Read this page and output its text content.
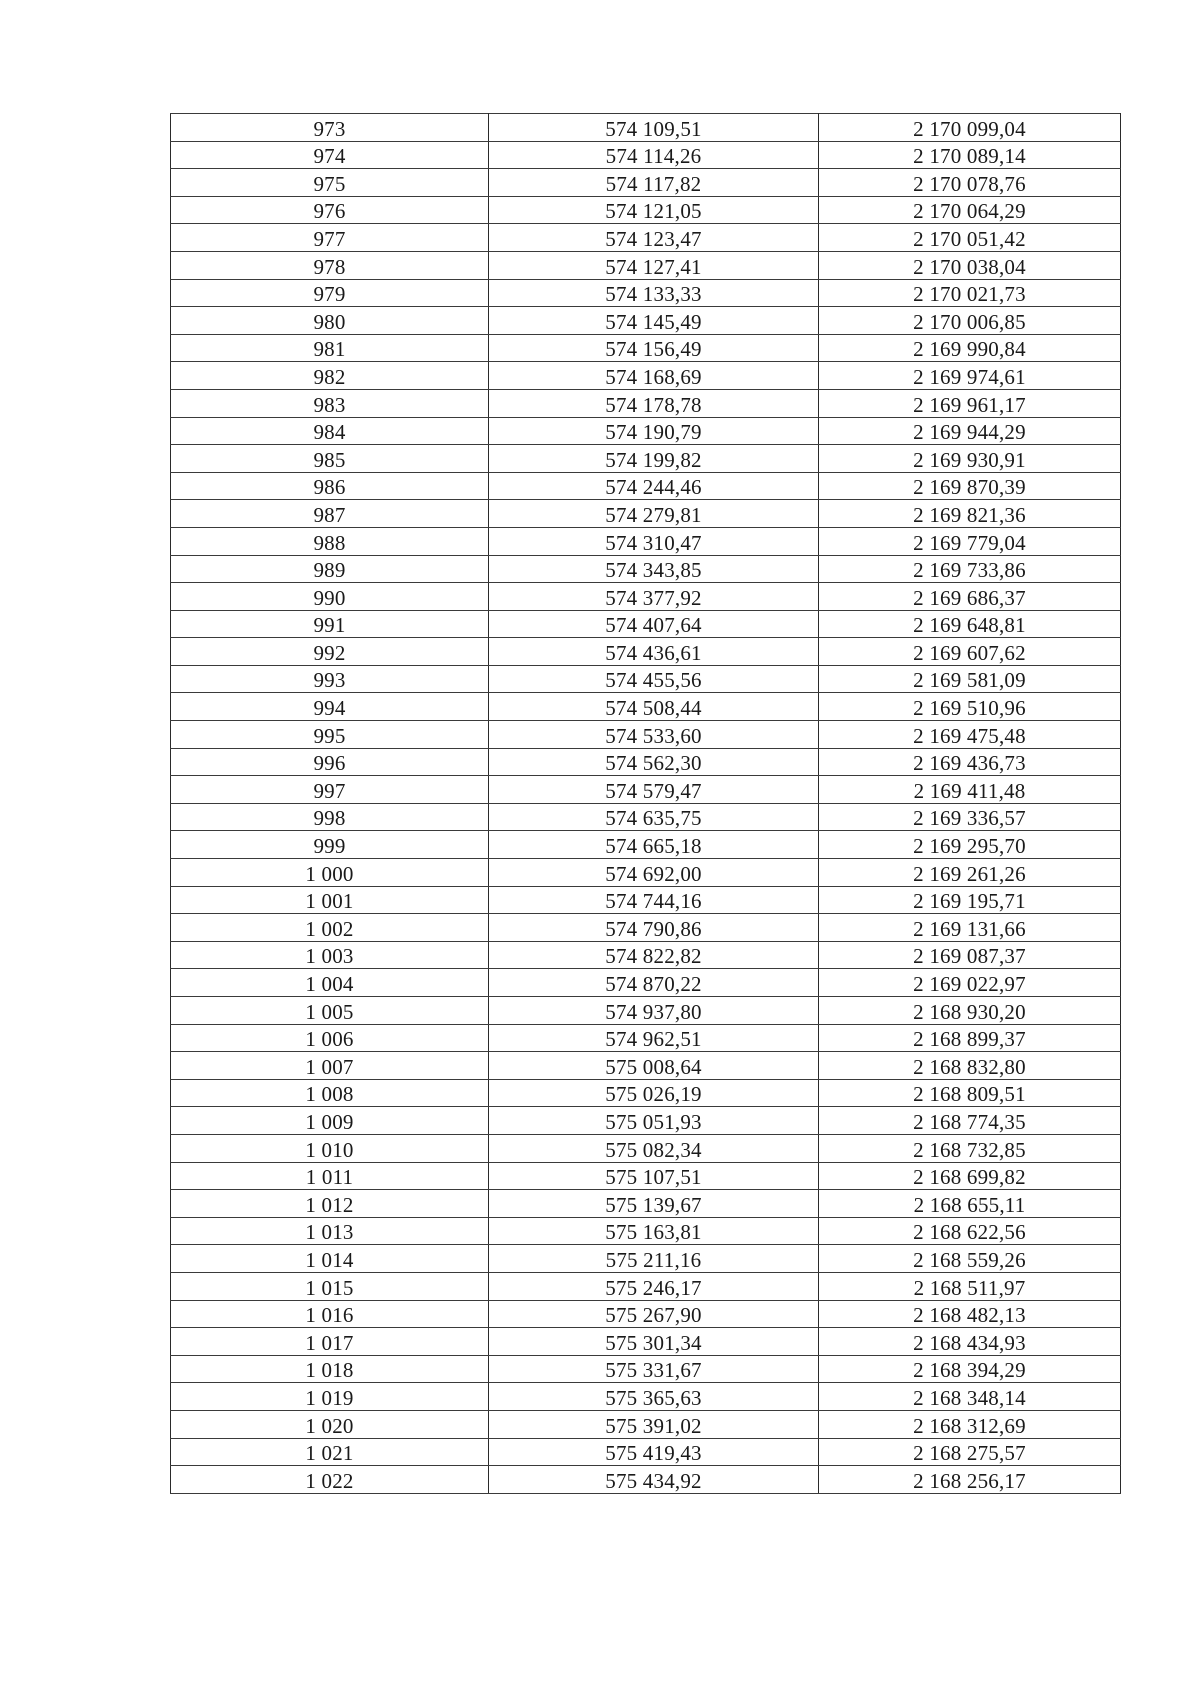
973	574 109,51	2 170 099,04
974	574 114,26	2 170 089,14
975	574 117,82	2 170 078,76
976	574 121,05	2 170 064,29
977	574 123,47	2 170 051,42
978	574 127,41	2 170 038,04
979	574 133,33	2 170 021,73
980	574 145,49	2 170 006,85
981	574 156,49	2 169 990,84
982	574 168,69	2 169 974,61
983	574 178,78	2 169 961,17
984	574 190,79	2 169 944,29
985	574 199,82	2 169 930,91
986	574 244,46	2 169 870,39
987	574 279,81	2 169 821,36
988	574 310,47	2 169 779,04
989	574 343,85	2 169 733,86
990	574 377,92	2 169 686,37
991	574 407,64	2 169 648,81
992	574 436,61	2 169 607,62
993	574 455,56	2 169 581,09
994	574 508,44	2 169 510,96
995	574 533,60	2 169 475,48
996	574 562,30	2 169 436,73
997	574 579,47	2 169 411,48
998	574 635,75	2 169 336,57
999	574 665,18	2 169 295,70
1 000	574 692,00	2 169 261,26
1 001	574 744,16	2 169 195,71
1 002	574 790,86	2 169 131,66
1 003	574 822,82	2 169 087,37
1 004	574 870,22	2 169 022,97
1 005	574 937,80	2 168 930,20
1 006	574 962,51	2 168 899,37
1 007	575 008,64	2 168 832,80
1 008	575 026,19	2 168 809,51
1 009	575 051,93	2 168 774,35
1 010	575 082,34	2 168 732,85
1 011	575 107,51	2 168 699,82
1 012	575 139,67	2 168 655,11
1 013	575 163,81	2 168 622,56
1 014	575 211,16	2 168 559,26
1 015	575 246,17	2 168 511,97
1 016	575 267,90	2 168 482,13
1 017	575 301,34	2 168 434,93
1 018	575 331,67	2 168 394,29
1 019	575 365,63	2 168 348,14
1 020	575 391,02	2 168 312,69
1 021	575 419,43	2 168 275,57
1 022	575 434,92	2 168 256,17
